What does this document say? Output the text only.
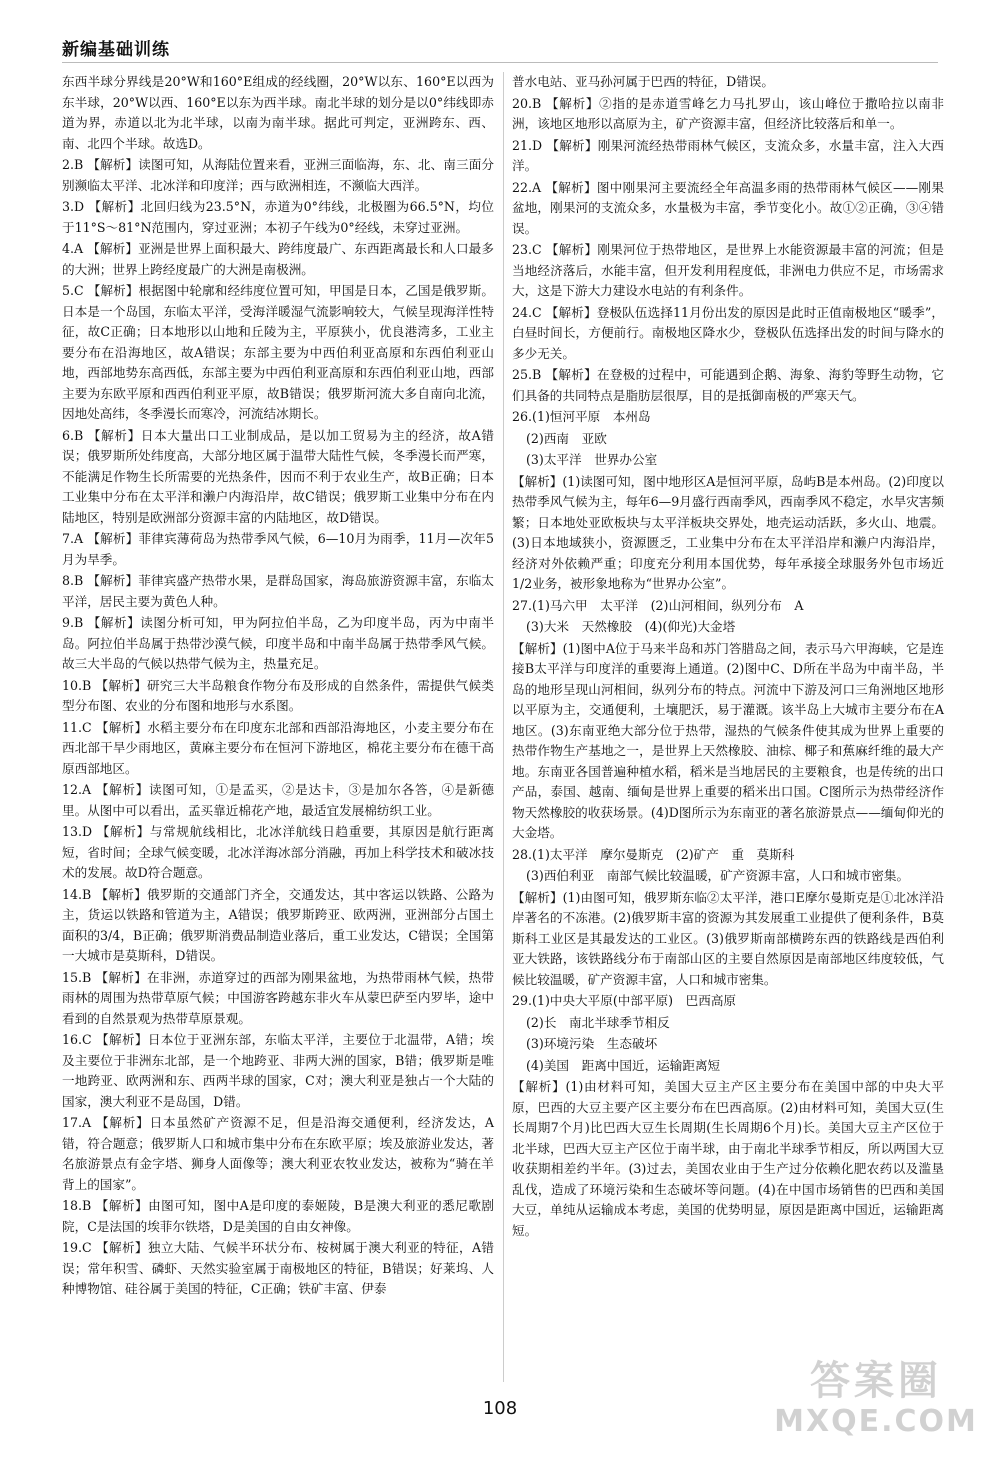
新编基础训练

东西半球分界线是20°W和160°E组成的经线圈，20°W以东、160°E以西为东半球，20°W以西、160°E以东为西半球。南北半球的划分是以0°纬线即赤道为界，赤道以北为北半球，以南为南半球。据此可判定，亚洲跨东、西、南、北四个半球。故选D。

2.B 【解析】读图可知，从海陆位置来看，亚洲三面临海，东、北、南三面分别濒临太平洋、北冰洋和印度洋；西与欧洲相连，不濒临大西洋。

3.D 【解析】北回归线为23.5°N，赤道为0°纬线，北极圈为66.5°N，均位于11°S～81°N范围内，穿过亚洲；本初子午线为0°经线，未穿过亚洲。

4.A 【解析】亚洲是世界上面积最大、跨纬度最广、东西距离最长和人口最多的大洲；世界上跨经度最广的大洲是南极洲。

5.C 【解析】根据图中轮廓和经纬度位置可知，甲国是日本，乙国是俄罗斯。日本是一个岛国，东临太平洋，受海洋暖湿气流影响较大，气候呈现海洋性特征，故C正确；日本地形以山地和丘陵为主，平原狭小，优良港湾多，工业主要分布在沿海地区，故A错误；东部主要为中西伯利亚高原和东西伯利亚山地，西部地势东高西低，东部主要为中西伯利亚高原和东西伯利亚山地，西部主要为东欧平原和西西伯利亚平原，故B错误；俄罗斯河流大多自南向北流，因地处高纬，冬季漫长而寒冷，河流结冰期长。

6.B 【解析】日本大量出口工业制成品，是以加工贸易为主的经济，故A错误；俄罗斯所处纬度高，大部分地区属于温带大陆性气候，冬季漫长而严寒，不能满足作物生长所需要的光热条件，因而不利于农业生产，故B正确；日本工业集中分布在太平洋和濑户内海沿岸，故C错误；俄罗斯工业集中分布在内陆地区，特别是欧洲部分资源丰富的内陆地区，故D错误。

7.A 【解析】菲律宾薄荷岛为热带季风气候，6—10月为雨季，11月—次年5月为旱季。

8.B 【解析】菲律宾盛产热带水果，是群岛国家，海岛旅游资源丰富，东临太平洋，居民主要为黄色人种。

9.B 【解析】读图分析可知，甲为阿拉伯半岛，乙为印度半岛，丙为中南半岛。阿拉伯半岛属于热带沙漠气候，印度半岛和中南半岛属于热带季风气候。故三大半岛的气候以热带气候为主，热量充足。

10.B 【解析】研究三大半岛粮食作物分布及形成的自然条件，需提供气候类型分布图、农业的分布图和地形与水系图。

11.C 【解析】水稻主要分布在印度东北部和西部沿海地区，小麦主要分布在西北部干旱少雨地区，黄麻主要分布在恒河下游地区，棉花主要分布在德干高原西部地区。

12.A 【解析】读图可知，①是孟买，②是达卡，③是加尔各答，④是新德里。从图中可以看出，孟买靠近棉花产地，最适宜发展棉纺织工业。

13.D 【解析】与常规航线相比，北冰洋航线日趋重要，其原因是航行距离短，省时间；全球气候变暖，北冰洋海冰部分消融，再加上科学技术和破冰技术的发展。故D符合题意。

14.B 【解析】俄罗斯的交通部门齐全，交通发达，其中客运以铁路、公路为主，货运以铁路和管道为主，A错误；俄罗斯跨亚、欧两洲，亚洲部分占国土面积的3/4，B正确；俄罗斯消费品制造业落后，重工业发达，C错误；全国第一大城市是莫斯科，D错误。

15.B 【解析】在非洲，赤道穿过的西部为刚果盆地，为热带雨林气候，热带雨林的周围为热带草原气候；中国游客跨越东非火车从蒙巴萨至内罗毕，途中看到的自然景观为热带草原景观。

16.C 【解析】日本位于亚洲东部，东临太平洋，主要位于北温带，A错；埃及主要位于非洲东北部，是一个地跨亚、非两大洲的国家，B错；俄罗斯是唯一地跨亚、欧两洲和东、西两半球的国家，C对；澳大利亚是独占一个大陆的国家，澳大利亚不是岛国，D错。

17.A 【解析】日本虽然矿产资源不足，但是沿海交通便利，经济发达，A错，符合题意；俄罗斯人口和城市集中分布在东欧平原；埃及旅游业发达，著名旅游景点有金字塔、狮身人面像等；澳大利亚农牧业发达，被称为“骑在羊背上的国家”。

18.B 【解析】由图可知，图中A是印度的泰姬陵，B是澳大利亚的悉尼歌剧院，C是法国的埃菲尔铁塔，D是美国的自由女神像。

19.C 【解析】独立大陆、气候半环状分布、桉树属于澳大利亚的特征，A错误；常年积雪、磷虾、天然实验室属于南极地区的特征，B错误；好莱坞、人种博物馆、硅谷属于美国的特征，C正确；铁矿丰富、伊泰

普水电站、亚马孙河属于巴西的特征，D错误。

20.B 【解析】②指的是赤道雪峰乞力马扎罗山，该山峰位于撒哈拉以南非洲，该地区地形以高原为主，矿产资源丰富，但经济比较落后和单一。

21.D 【解析】刚果河流经热带雨林气候区，支流众多，水量丰富，注入大西洋。

22.A 【解析】图中刚果河主要流经全年高温多雨的热带雨林气候区——刚果盆地，刚果河的支流众多，水量极为丰富，季节变化小。故①②正确，③④错误。

23.C 【解析】刚果河位于热带地区，是世界上水能资源最丰富的河流；但是当地经济落后，水能丰富，但开发利用程度低，非洲电力供应不足，市场需求大，这是下游大力建设水电站的有利条件。

24.C 【解析】登极队伍选择11月份出发的原因是此时正值南极地区“暖季”，白昼时间长，方便前行。南极地区降水少，登极队伍选择出发的时间与降水的多少无关。

25.B 【解析】在登极的过程中，可能遇到企鹅、海象、海豹等野生动物，它们具备的共同特点是脂肪层很厚，目的是抵御南极的严寒天气。

26.(1)恒河平原　本州岛

(2)西南　亚欧

(3)太平洋　世界办公室

【解析】(1)读图可知，图中地形区A是恒河平原，岛屿B是本州岛。(2)印度以热带季风气候为主，每年6—9月盛行西南季风，西南季风不稳定，水旱灾害频繁；日本地处亚欧板块与太平洋板块交界处，地壳运动活跃，多火山、地震。(3)日本地域狭小，资源匮乏，工业集中分布在太平洋沿岸和濑户内海沿岸，经济对外依赖严重；印度充分利用本国优势，每年承接全球服务外包市场近1/2业务，被形象地称为“世界办公室”。

27.(1)马六甲　太平洋　(2)山河相间，纵列分布　A

(3)大米　天然橡胶　(4)(仰光)大金塔

【解析】(1)图中A位于马来半岛和苏门答腊岛之间，表示马六甲海峡，它是连接B太平洋与印度洋的重要海上通道。(2)图中C、D所在半岛为中南半岛，半岛的地形呈现山河相间，纵列分布的特点。河流中下游及河口三角洲地区地形以平原为主，交通便利，土壤肥沃，易于灌溉。该半岛上大城市主要分布在A地区。(3)东南亚绝大部分位于热带，湿热的气候条件使其成为世界上重要的热带作物生产基地之一，是世界上天然橡胶、油棕、椰子和蕉麻纤维的最大产地。东南亚各国普遍种植水稻，稻米是当地居民的主要粮食，也是传统的出口产品，泰国、越南、缅甸是世界上重要的稻米出口国。C图所示为热带经济作物天然橡胶的收获场景。(4)D图所示为东南亚的著名旅游景点——缅甸仰光的大金塔。

28.(1)太平洋　摩尔曼斯克　(2)矿产　重　莫斯科

(3)西伯利亚　南部气候比较温暖，矿产资源丰富，人口和城市密集。

【解析】(1)由图可知，俄罗斯东临②太平洋，港口E摩尔曼斯克是①北冰洋沿岸著名的不冻港。(2)俄罗斯丰富的资源为其发展重工业提供了便利条件，B莫斯科工业区是其最发达的工业区。(3)俄罗斯南部横跨东西的铁路线是西伯利亚大铁路，该铁路线分布于南部山区的主要自然原因是南部地区纬度较低，气候比较温暖，矿产资源丰富，人口和城市密集。

29.(1)中央大平原(中部平原)　巴西高原

(2)长　南北半球季节相反

(3)环境污染　生态破坏

(4)美国　距离中国近，运输距离短

【解析】(1)由材料可知，美国大豆主产区主要分布在美国中部的中央大平原，巴西的大豆主要产区主要分布在巴西高原。(2)由材料可知，美国大豆(生长周期7个月)比巴西大豆生长周期(生长周期6个月)长。美国大豆主产区位于北半球，巴西大豆主产区位于南半球，由于南北半球季节相反，所以两国大豆收获期相差约半年。(3)过去，美国农业由于生产过分依赖化肥农药以及滥垦乱伐，造成了环境污染和生态破坏等问题。(4)在中国市场销售的巴西和美国大豆，单纯从运输成本考虑，美国的优势明显，原因是距离中国近，运输距离短。

108
答案圈
MXQE.COM
